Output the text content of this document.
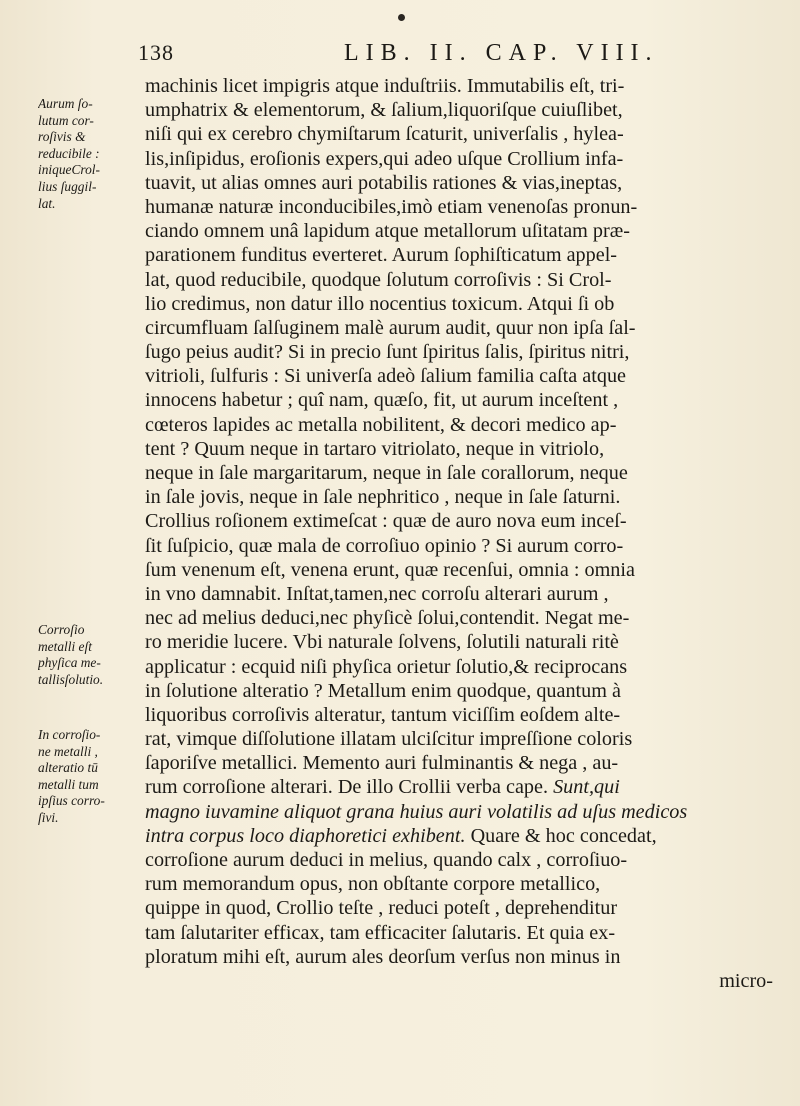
138	LIB. II. CAP. VIII.
machinis licet impigris atque induſtriis. Immutabilis eſt, tri-
umphatrix & elementorum, & ſalium,liquoriſque cuiuſlibet,
niſi qui ex cerebro chymiſtarum ſcaturit, univerſalis , hylea-
lis,inſipidus, eroſionis expers,qui adeo uſque Crollium infa-
tuavit, ut alias omnes auri potabilis rationes & vias,ineptas,
humanæ naturæ inconducibiles,imò etiam venenoſas pronun-
ciando omnem unâ lapidum atque metallorum uſitatam præ-
parationem funditus everteret. Aurum ſophiſticatum appel-
lat, quod reducibile, quodque ſolutum corroſivis : Si Crol-
lio credimus, non datur illo nocentius toxicum. Atqui ſi ob
circumfluam ſalſuginem malè aurum audit, quur non ipſa ſal-
ſugo peius audit? Si in precio ſunt ſpiritus ſalis, ſpiritus nitri,
vitrioli, ſulfuris : Si univerſa adeò ſalium familia caſta atque
innocens habetur ; quî nam, quæſo, fit, ut aurum inceſtent ,
cœteros lapides ac metalla nobilitent, & decori medico ap-
tent ? Quum neque in tartaro vitriolato, neque in vitriolo,
neque in ſale margaritarum, neque in ſale corallorum, neque
in ſale jovis, neque in ſale nephritico , neque in ſale ſaturni.
Crollius roſionem extimeſcat : quæ de auro nova eum inceſ-
ſit ſuſpicio, quæ mala de corroſiuo opinio ? Si aurum corro-
ſum venenum eſt, venena erunt, quæ recenſui, omnia : omnia
in vno damnabit. Inſtat,tamen,nec corroſu alterari aurum ,
nec ad melius deduci,nec phyſicè ſolui,contendit. Negat me-
ro meridie lucere. Vbi naturale ſolvens, ſolutili naturali ritè
applicatur : ecquid niſi phyſica orietur ſolutio,& reciprocans
in ſolutione alteratio ? Metallum enim quodque, quantum à
liquoribus corroſivis alteratur, tantum viciſſim eoſdem alte-
rat, vimque diſſolutione illatam ulciſcitur impreſſione coloris
ſaporiſve metallici. Memento auri fulminantis & nega , au-
rum corroſione alterari. De illo Crollii verba cape. Sunt,qui
magno iuvamine aliquot grana huius auri volatilis ad uſus medicos
intra corpus loco diaphoretici exhibent. Quare & hoc concedat,
corroſione aurum deduci in melius, quando calx , corroſiuo-
rum memorandum opus, non obſtante corpore metallico,
quippe in quod, Crollio teſte , reduci poteſt , deprehenditur
tam ſalutariter efficax, tam efficaciter ſalutaris. Et quia ex-
ploratum mihi eſt, aurum ales deorſum verſus non minus in
micro-
Aurum ſo-
lutum cor-
roſivis &
reducibile :
iniqueCrol-
lius ſuggil-
lat.
Corroſio
metalli eſt
phyſica me-
tallisſolutio.
In corroſio-
ne metalli ,
alteratio tū
metalli tum
ipſius corro-
ſivi.
